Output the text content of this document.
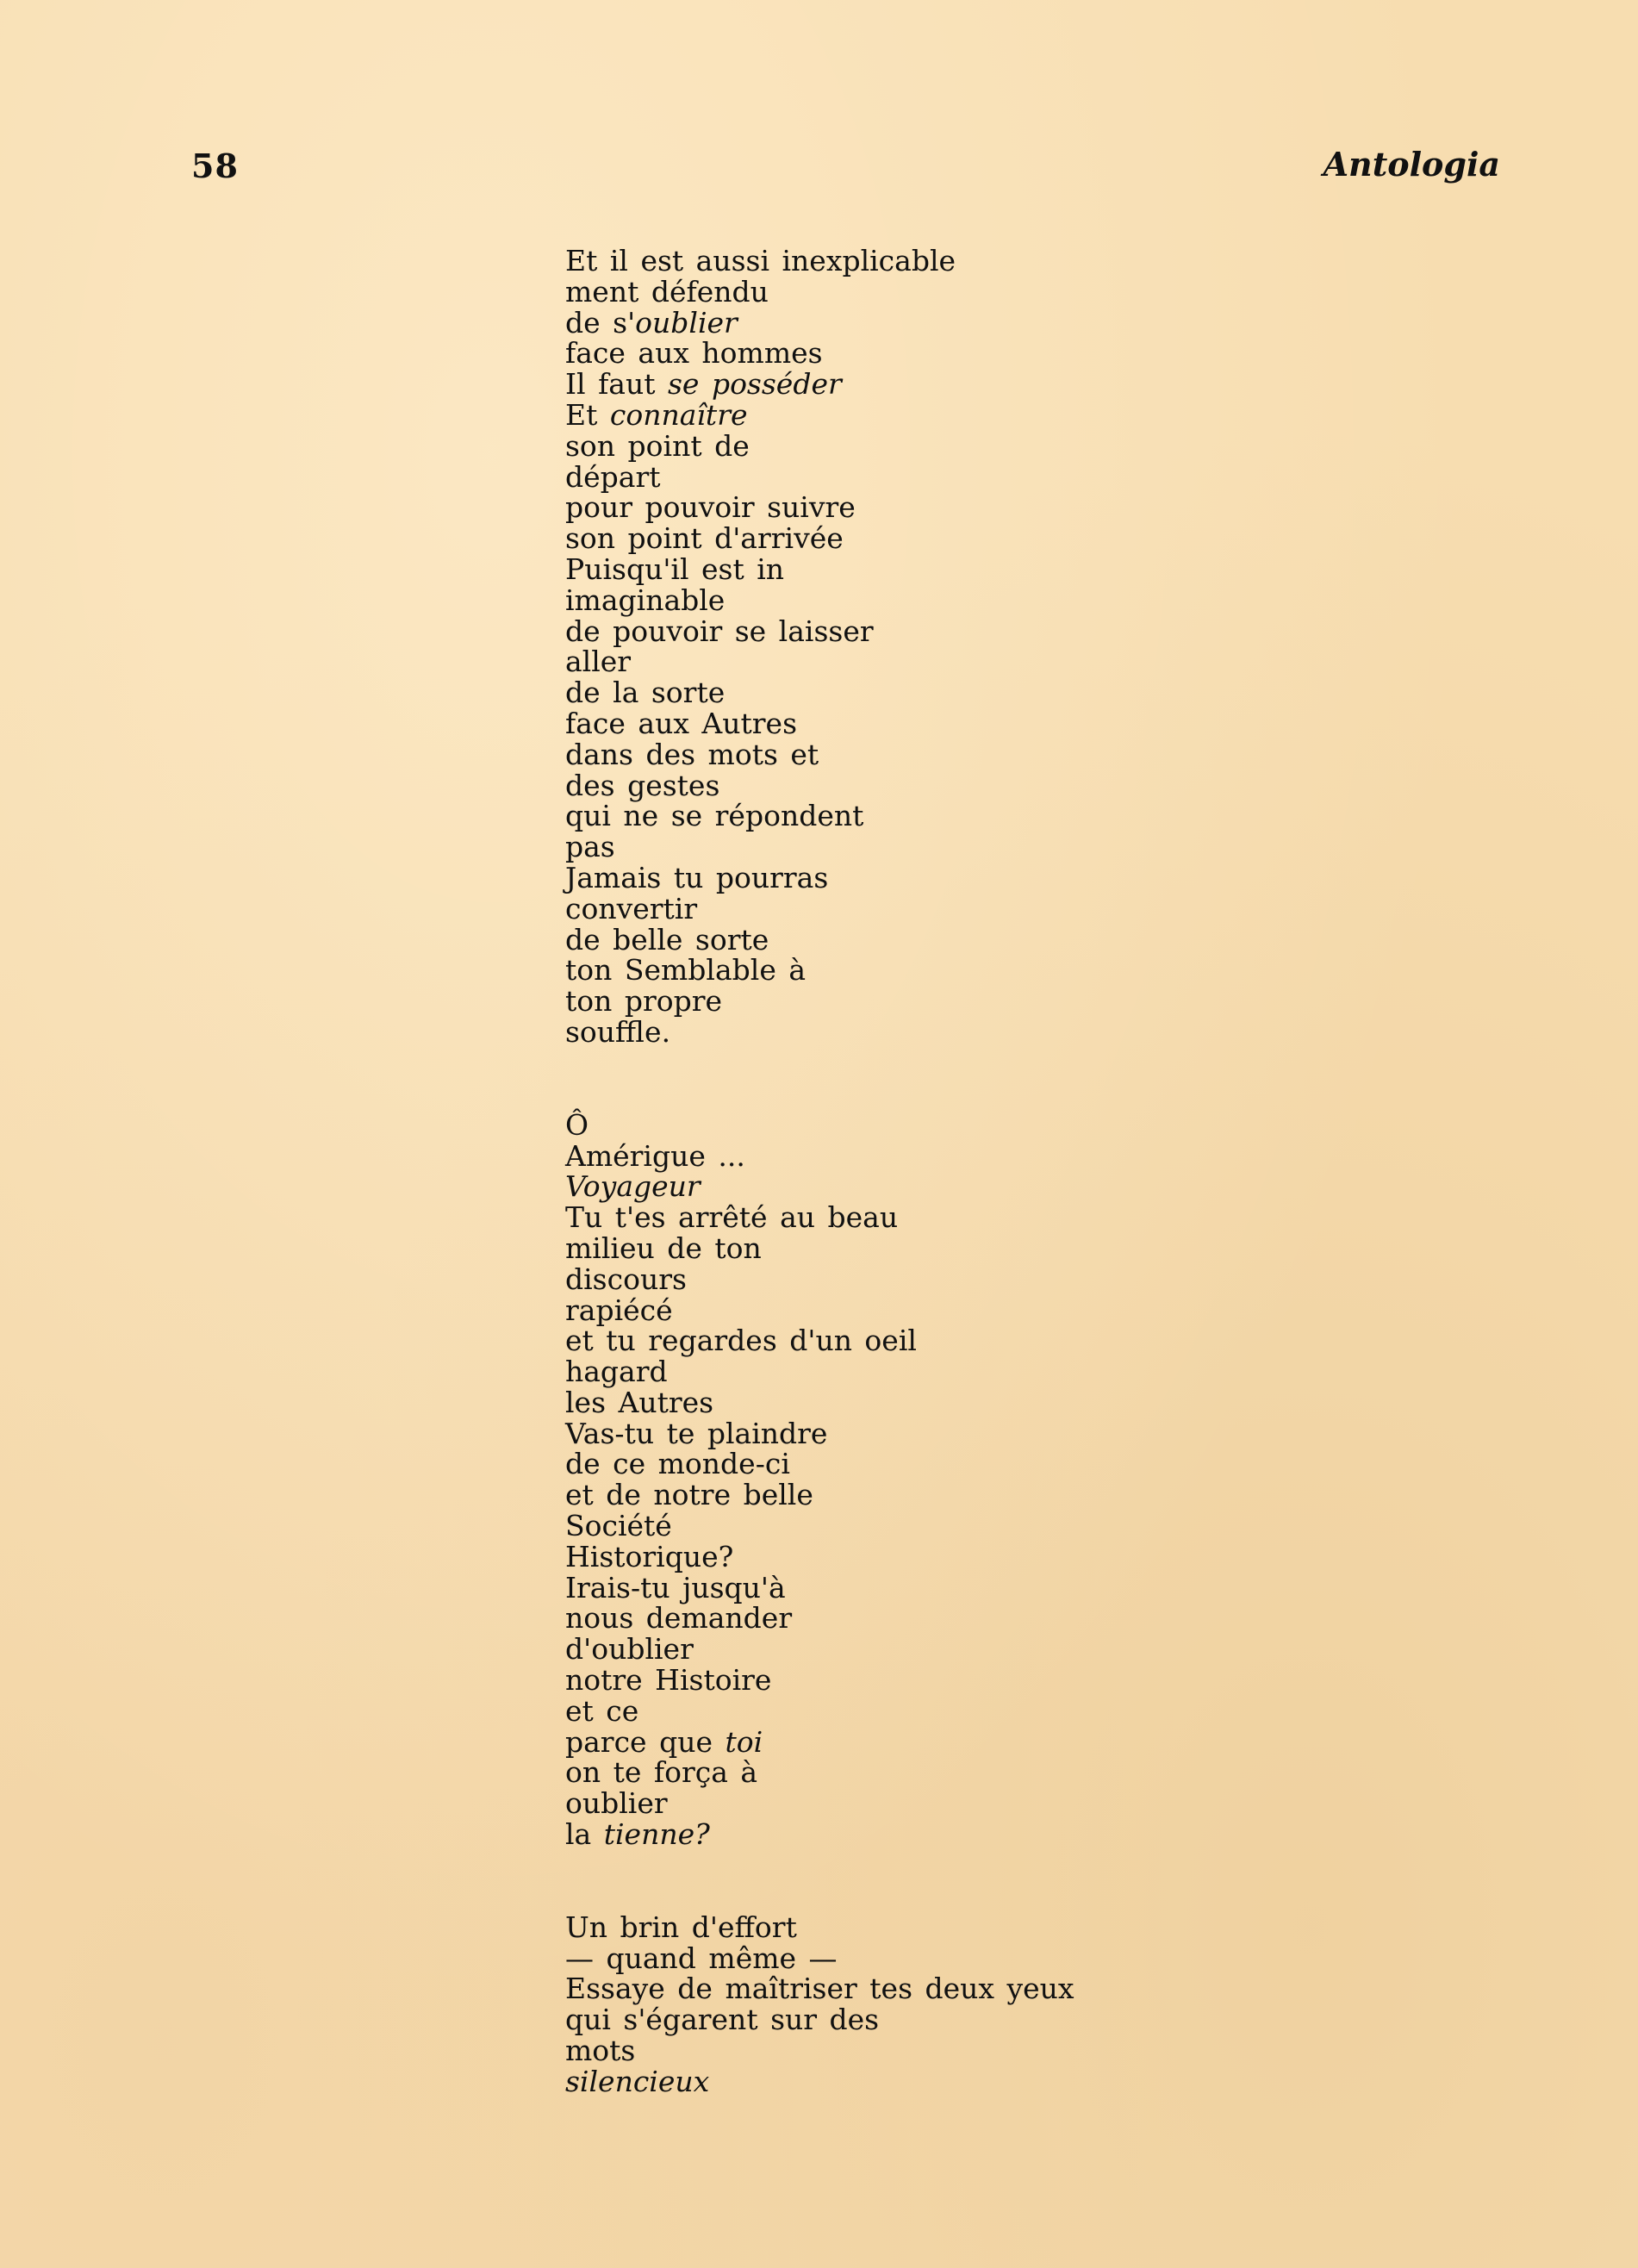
58	Antologia
Et il est aussi inexplicable
ment défendu
de s'oublier
face aux hommes
Il faut se posséder
Et connaître
son point de
départ
pour pouvoir suivre
son point d'arrivée
Puisqu'il est in
imaginable
de pouvoir se laisser
aller
de la sorte
face aux Autres
dans des mots et
des gestes
qui ne se répondent
pas
Jamais tu pourras
convertir
de belle sorte
ton Semblable à
ton propre
souffle.
Ô
Amérigue ...
Voyageur
Tu t'es arrêté au beau
milieu de ton
discours
rapiécé
et tu regardes d'un oeil
hagard
les Autres
Vas-tu te plaindre
de ce monde-ci
et de notre belle
Société
Historique?
Irais-tu jusqu'à
nous demander
d'oublier
notre Histoire
et ce
parce que toi
on te força à
oublier
la tienne?
Un brin d'effort
— quand même —
Essaye de maîtriser tes deux yeux
qui s'égarent sur des
mots
silencieux
